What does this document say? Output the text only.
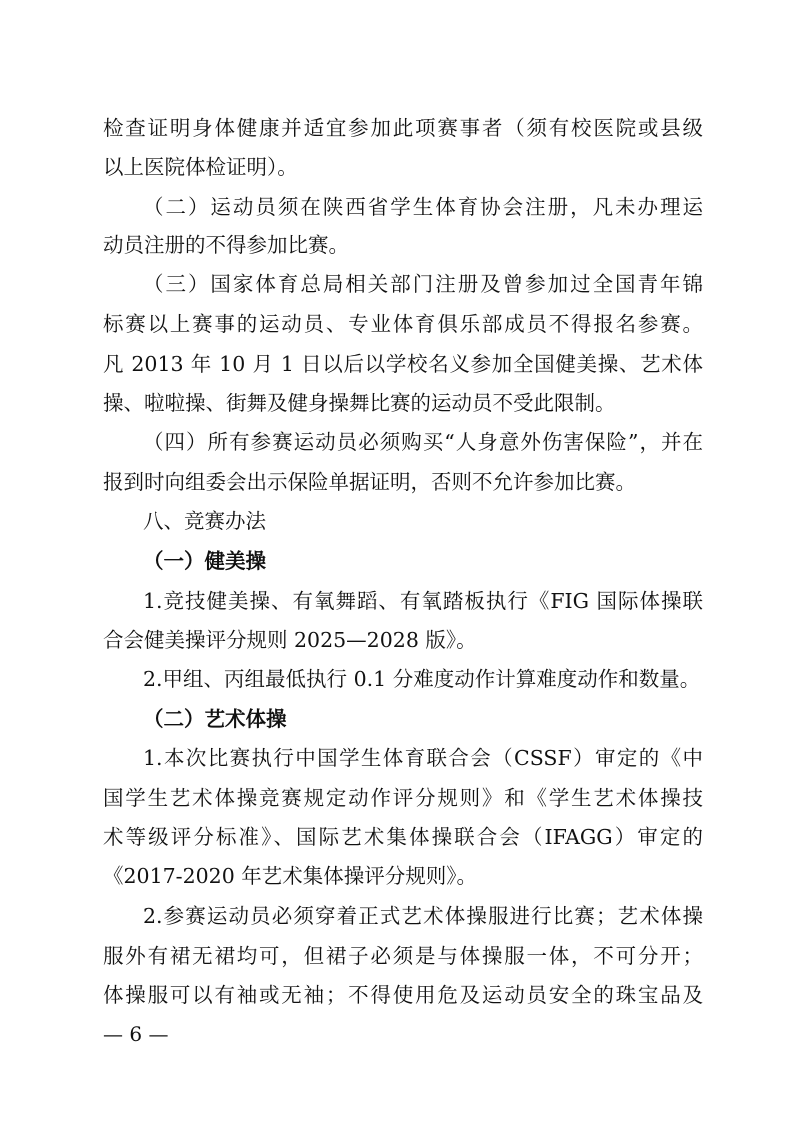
检查证明身体健康并适宜参加此项赛事者（须有校医院或县级
以上医院体检证明）。
（二）运动员须在陕西省学生体育协会注册，凡未办理运
动员注册的不得参加比赛。
（三）国家体育总局相关部门注册及曾参加过全国青年锦
标赛以上赛事的运动员、专业体育俱乐部成员不得报名参赛。
凡 2013 年 10 月 1 日以后以学校名义参加全国健美操、艺术体
操、啦啦操、街舞及健身操舞比赛的运动员不受此限制。
（四）所有参赛运动员必须购买“人身意外伤害保险”，并在
报到时向组委会出示保险单据证明，否则不允许参加比赛。
八、竞赛办法
（一）健美操
1.竞技健美操、有氧舞蹈、有氧踏板执行《FIG 国际体操联
合会健美操评分规则 2025—2028 版》。
2.甲组、丙组最低执行 0.1 分难度动作计算难度动作和数量。
（二）艺术体操
1.本次比赛执行中国学生体育联合会（CSSF）审定的《中
国学生艺术体操竞赛规定动作评分规则》和《学生艺术体操技
术等级评分标准》、国际艺术集体操联合会（IFAGG）审定的
《2017-2020 年艺术集体操评分规则》。
2.参赛运动员必须穿着正式艺术体操服进行比赛；艺术体操
服外有裙无裙均可，但裙子必须是与体操服一体，不可分开；
体操服可以有袖或无袖；不得使用危及运动员安全的珠宝品及
— 6 —
